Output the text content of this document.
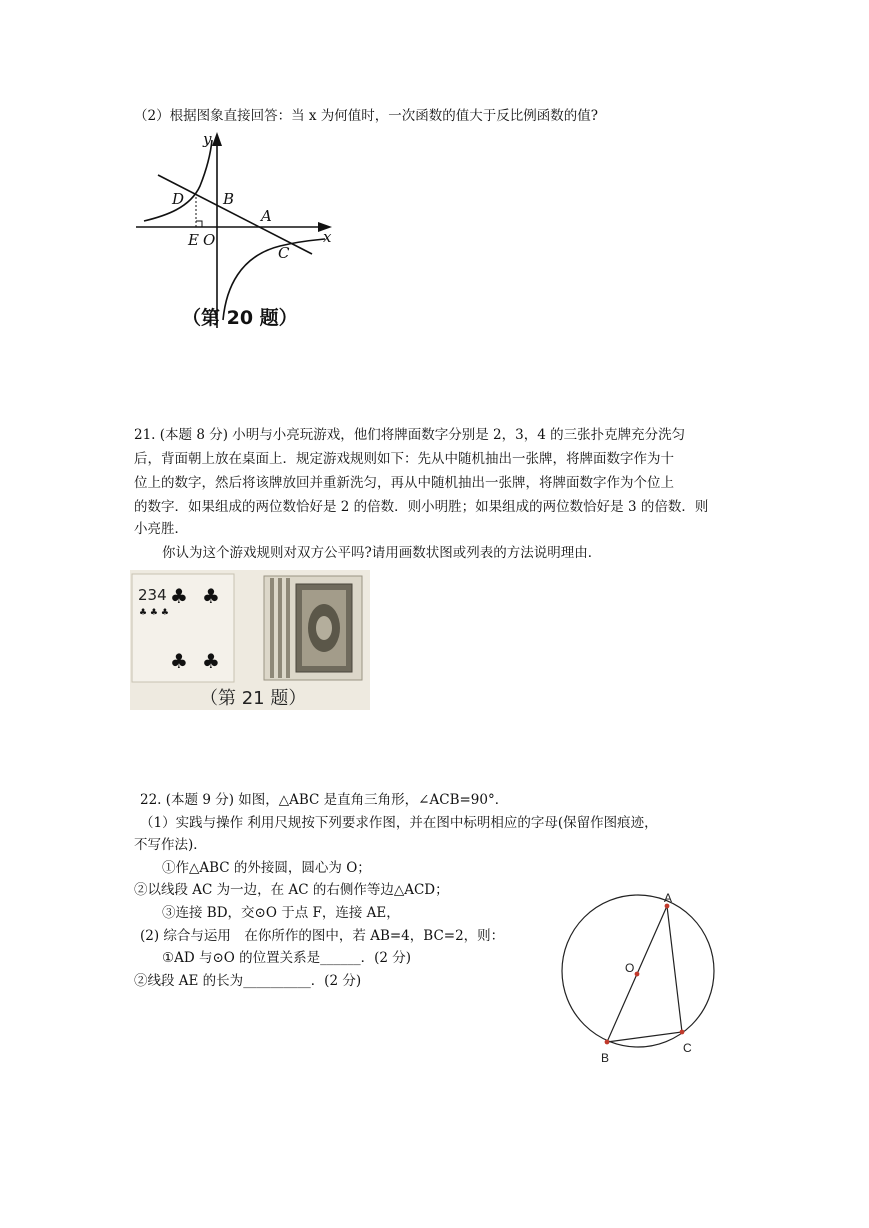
（2）根据图象直接回答：当 x 为何值时，一次函数的值大于反比例函数的值?
y
x
D	B
A
E O
C
（第 20 题）
21. (本题 8 分) 小明与小亮玩游戏，他们将牌面数字分别是 2，3，4 的三张扑克牌充分洗匀
后，背面朝上放在桌面上．规定游戏规则如下：先从中随机抽出一张牌，将牌面数字作为十
位上的数字，然后将该牌放回并重新洗匀，再从中随机抽出一张牌，将牌面数字作为个位上
的数字．如果组成的两位数恰好是 2 的倍数．则小明胜；如果组成的两位数恰好是 3 的倍数．则
小亮胜．
你认为这个游戏规则对双方公平吗?请用画数状图或列表的方法说明理由．
234 ♣ ♣
♣ ♣ ♣
♣ ♣
（第 21 题）
22. (本题 9 分) 如图，△ABC 是直角三角形，∠ACB=90°．
（1）实践与操作 利用尺规按下列要求作图，并在图中标明相应的字母(保留作图痕迹，
不写作法)．
①作△ABC 的外接圆，圆心为 O；
②以线段 AC 为一边，在 AC 的右侧作等边△ACD；
③连接 BD，交⊙O 于点 F，连接 AE，
(2) 综合与运用　在你所作的图中，若 AB=4，BC=2，则：
①AD 与⊙O 的位置关系是______．(2 分)
②线段 AE 的长为__________．(2 分)
A
O
B
C
